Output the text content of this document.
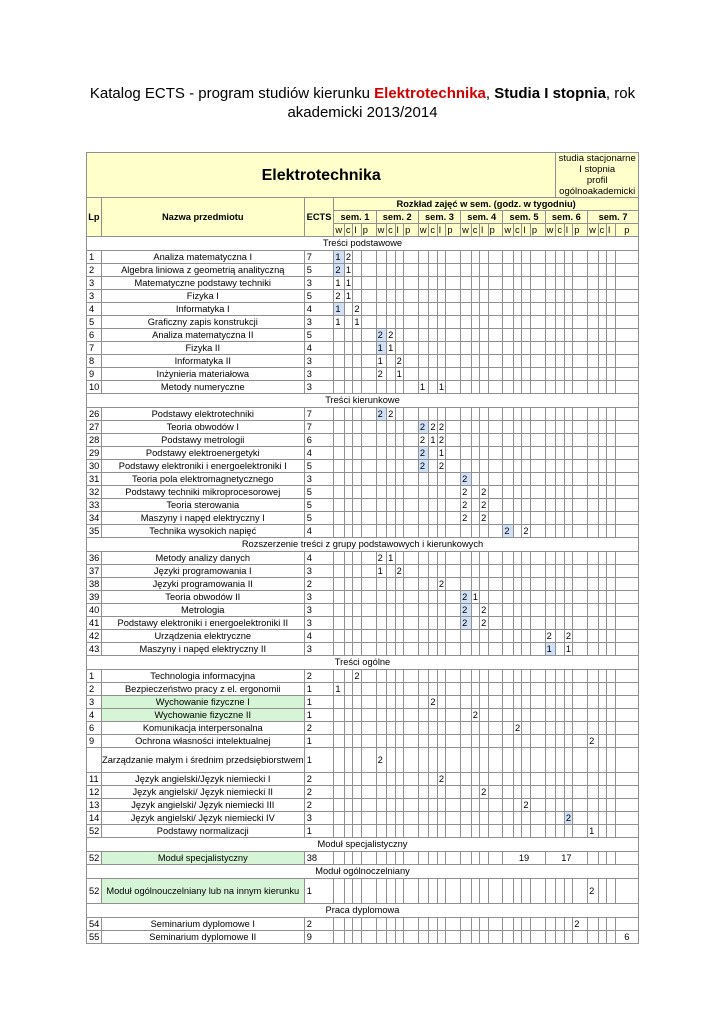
Katalog ECTS - program studiów kierunku Elektrotechnika, Studia I stopnia, rok akademicki 2013/2014
Elektrotechnika																								studia stacjonarne I stopnia
profil ogólnoakademicki						
Lp	Nazwa przedmiotu	ECTS	Rozkład zajęć w sem. (godz. w tygodniu)																											
			sem. 1				sem. 2				sem. 3				sem. 4				sem. 5				sem. 6				sem. 7			
			w	c	l	p	w	c	l	p	w	c	l	p	w	c	l	p	w	c	l	p	w	c	l	p	w	c	l	p
Treści podstawowe																														
1	Analiza matematyczna I	7	1	2																										
2	Algebra liniowa z geometrią analityczną	5	2	1																										
3	Matematyczne podstawy techniki	3	1	1																										
3	Fizyka I	5	2	1																										
4	Informatyka I	4	1		2																									
5	Graficzny zapis konstrukcji	3	1		1																									
6	Analiza matematyczna II	5					2	2																						
7	Fizyka II	4					1	1																						
8	Informatyka II	3					1		2																					
9	Inżynieria materiałowa	3					2		1																					
10	Metody numeryczne	3									1		1																	
Treści kierunkowe																														
26	Podstawy elektrotechniki	7					2	2																						
27	Teoria obwodów I	7									2	2	2																	
28	Podstawy metrologii	6									2	1	2																	
29	Podstawy elektroenergetyki	4									2		1																	
30	Podstawy elektroniki i energoelektroniki I	5									2		2																	
31	Teoria pola elektromagnetycznego	3													2															
32	Podstawy techniki mikroprocesorowej	5													2		2													
33	Teoria sterowania	5													2		2													
34	Maszyny i napęd elektryczny I	5													2		2													
35	Technika wysokich napięć	4																	2		2									
Rozszerzenie treści z grupy podstawowych i kierunkowych																														
36	Metody analizy danych	4					2	1																						
37	Języki programowania I	3					1		2																					
38	Języki programowania II	2											2																	
39	Teoria obwodów II	3													2	1														
40	Metrologia	3													2		2													
41	Podstawy elektroniki i energoelektroniki II	3													2		2													
42	Urządzenia elektryczne	4																					2		2					
43	Maszyny i napęd elektryczny II	3																					1		1					
Treści ogólne																														
1	Technologia informacyjna	2			2																									
2	Bezpieczeństwo pracy z el. ergonomii	1	1																											
3	Wychowanie fizyczne I	1										2																		
4	Wychowanie fizyczne II	1														2														
6	Komunikacja interpersonalna	2																		2										
9	Ochrona własności intelektualnej	1																									2			
	Zarządzanie małym i średnim przedsiębiorstwem	1					2																							
11	Język angielski/Język niemiecki I	2											2																	
12	Język angielski/ Język niemiecki II	2															2													
13	Język angielski/ Język niemiecki III	2																			2									
14	Język angielski/ Język niemiecki IV	3																							2					
52	Podstawy normalizacji	1																									1			
Moduł specjalistyczny																														
52	Moduł specjalistyczny	38																	19				17							
Moduł ogólnoczelniany																														
52	Moduł ogólnouczelniany lub na innym kierunku	1																									2			
Praca dyplomowa																														
54	Seminarium dyplomowe I	2																								2				
55	Seminarium dyplomowe II	9																												6
